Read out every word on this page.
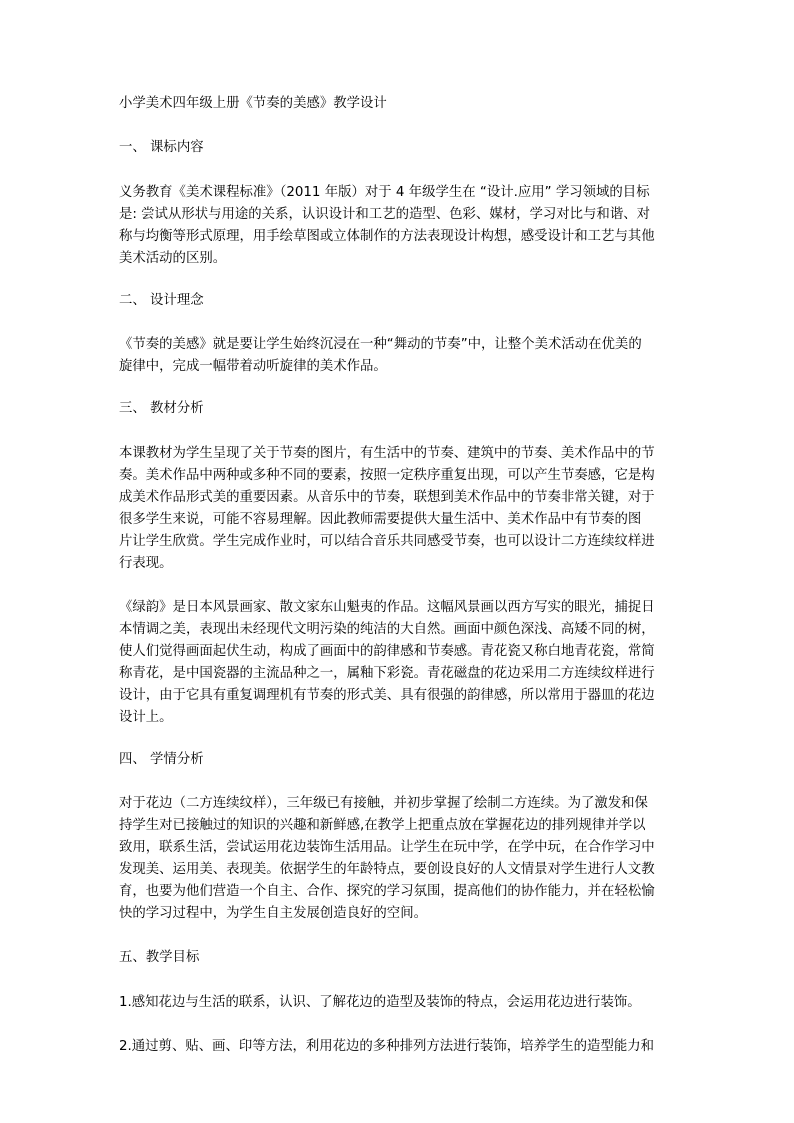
小学美术四年级上册《节奏的美感》教学设计
一、 课标内容
义务教育《美术课程标准》（2011 年版）对于 4 年级学生在 “设计.应用” 学习领域的目标
是: 尝试从形状与用途的关系，认识设计和工艺的造型、色彩、媒材，学习对比与和谐、对
称与均衡等形式原理，用手绘草图或立体制作的方法表现设计构想，感受设计和工艺与其他
美术活动的区别。
二、 设计理念
《节奏的美感》就是要让学生始终沉浸在一种“舞动的节奏”中，让整个美术活动在优美的
旋律中，完成一幅带着动听旋律的美术作品。
三、 教材分析
本课教材为学生呈现了关于节奏的图片，有生活中的节奏、建筑中的节奏、美术作品中的节
奏。美术作品中两种或多种不同的要素，按照一定秩序重复出现，可以产生节奏感，它是构
成美术作品形式美的重要因素。从音乐中的节奏，联想到美术作品中的节奏非常关键，对于
很多学生来说，可能不容易理解。因此教师需要提供大量生活中、美术作品中有节奏的图
片让学生欣赏。学生完成作业时，可以结合音乐共同感受节奏，也可以设计二方连续纹样进
行表现。
《绿韵》是日本风景画家、散文家东山魁夷的作品。这幅风景画以西方写实的眼光，捕捉日
本情调之美，表现出未经现代文明污染的纯洁的大自然。画面中颜色深浅、高矮不同的树，
使人们觉得画面起伏生动，构成了画面中的韵律感和节奏感。青花瓷又称白地青花瓷，常简
称青花，是中国瓷器的主流品种之一，属釉下彩瓷。青花磁盘的花边采用二方连续纹样进行
设计，由于它具有重复调理机有节奏的形式美、具有很强的韵律感，所以常用于器皿的花边
设计上。
四、 学情分析
对于花边（二方连续纹样），三年级已有接触，并初步掌握了绘制二方连续。为了激发和保
持学生对已接触过的知识的兴趣和新鲜感,在教学上把重点放在掌握花边的排列规律并学以
致用，联系生活，尝试运用花边装饰生活用品。让学生在玩中学，在学中玩，在合作学习中
发现美、运用美、表现美。依据学生的年龄特点，要创设良好的人文情景对学生进行人文教
育，也要为他们营造一个自主、合作、探究的学习氛围，提高他们的协作能力，并在轻松愉
快的学习过程中，为学生自主发展创造良好的空间。
五、教学目标
1.感知花边与生活的联系，认识、了解花边的造型及装饰的特点，会运用花边进行装饰。
2.通过剪、贴、画、印等方法，利用花边的多种排列方法进行装饰，培养学生的造型能力和
